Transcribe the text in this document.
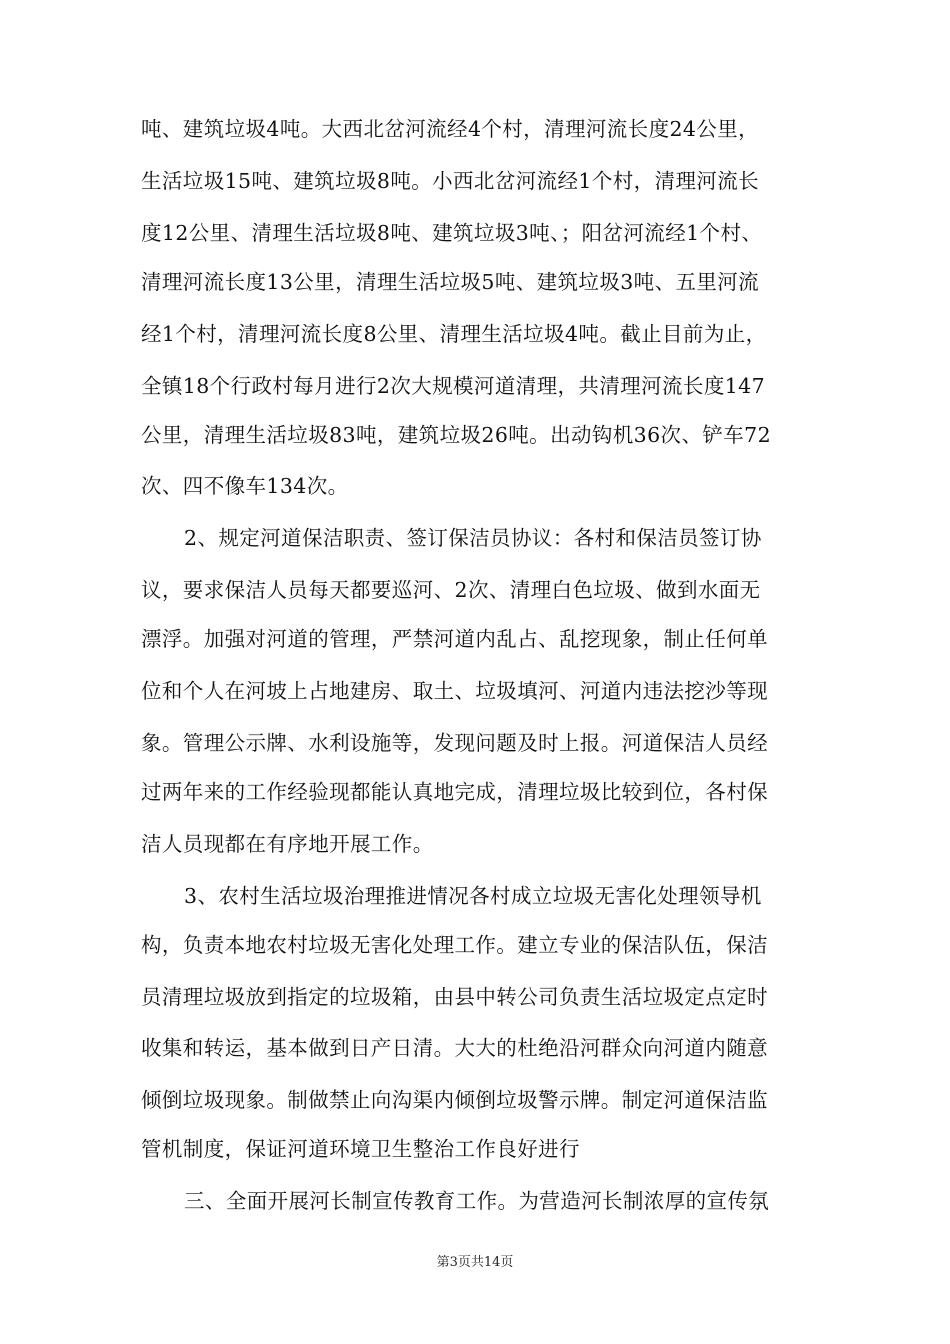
吨、建筑垃圾4吨。大西北岔河流经4个村，清理河流长度24公里，
生活垃圾15吨、建筑垃圾8吨。小西北岔河流经1个村，清理河流长
度12公里、清理生活垃圾8吨、建筑垃圾3吨、；阳岔河流经1个村、
清理河流长度13公里，清理生活垃圾5吨、建筑垃圾3吨、五里河流
经1个村，清理河流长度8公里、清理生活垃圾4吨。截止目前为止，
全镇18个行政村每月进行2次大规模河道清理，共清理河流长度147
公里，清理生活垃圾83吨，建筑垃圾26吨。出动钩机36次、铲车72
次、四不像车134次。
2、规定河道保洁职责、签订保洁员协议：各村和保洁员签订协
议，要求保洁人员每天都要巡河、2次、清理白色垃圾、做到水面无
漂浮。加强对河道的管理，严禁河道内乱占、乱挖现象，制止任何单
位和个人在河坡上占地建房、取土、垃圾填河、河道内违法挖沙等现
象。管理公示牌、水利设施等，发现问题及时上报。河道保洁人员经
过两年来的工作经验现都能认真地完成，清理垃圾比较到位，各村保
洁人员现都在有序地开展工作。
3、农村生活垃圾治理推进情况各村成立垃圾无害化处理领导机
构，负责本地农村垃圾无害化处理工作。建立专业的保洁队伍，保洁
员清理垃圾放到指定的垃圾箱，由县中转公司负责生活垃圾定点定时
收集和转运，基本做到日产日清。大大的杜绝沿河群众向河道内随意
倾倒垃圾现象。制做禁止向沟渠内倾倒垃圾警示牌。制定河道保洁监
管机制度，保证河道环境卫生整治工作良好进行
三、全面开展河长制宣传教育工作。为营造河长制浓厚的宣传氛
第3页共14页
